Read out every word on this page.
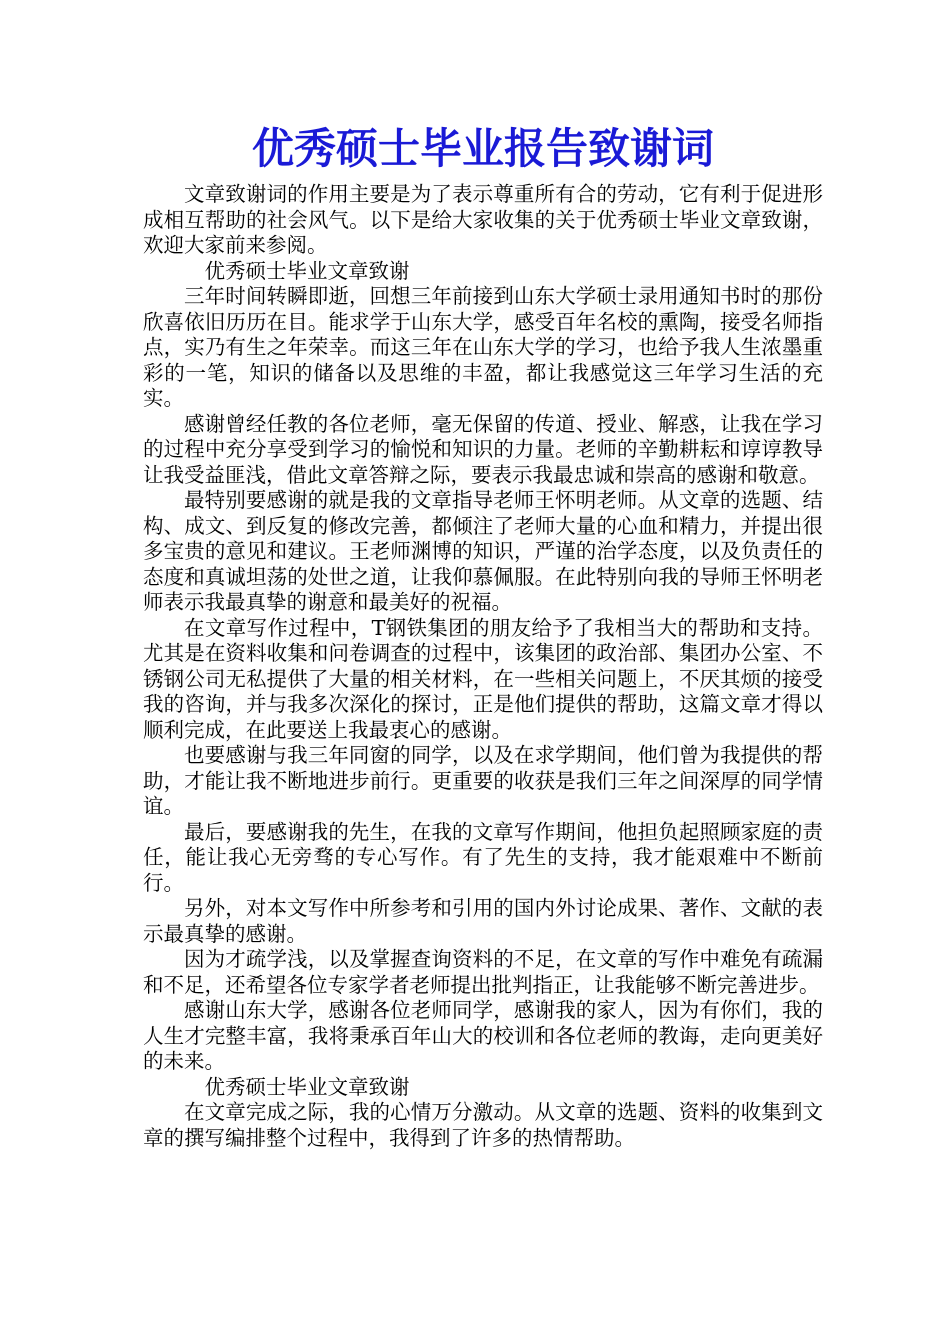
优秀硕士毕业报告致谢词

文章致谢词的作用主要是为了表示尊重所有合的劳动，它有利于促进形成相互帮助的社会风气。以下是给大家收集的关于优秀硕士毕业文章致谢，欢迎大家前来参阅。

优秀硕士毕业文章致谢

三年时间转瞬即逝，回想三年前接到山东大学硕士录用通知书时的那份欣喜依旧历历在目。能求学于山东大学，感受百年名校的熏陶，接受名师指点，实乃有生之年荣幸。而这三年在山东大学的学习，也给予我人生浓墨重彩的一笔，知识的储备以及思维的丰盈，都让我感觉这三年学习生活的充实。

感谢曾经任教的各位老师，毫无保留的传道、授业、解惑，让我在学习的过程中充分享受到学习的愉悦和知识的力量。老师的辛勤耕耘和谆谆教导让我受益匪浅，借此文章答辩之际，要表示我最忠诚和崇高的感谢和敬意。

最特别要感谢的就是我的文章指导老师王怀明老师。从文章的选题、结构、成文、到反复的修改完善，都倾注了老师大量的心血和精力，并提出很多宝贵的意见和建议。王老师渊博的知识，严谨的治学态度，以及负责任的态度和真诚坦荡的处世之道，让我仰慕佩服。在此特别向我的导师王怀明老师表示我最真挚的谢意和最美好的祝福。

在文章写作过程中，T钢铁集团的朋友给予了我相当大的帮助和支持。尤其是在资料收集和问卷调查的过程中，该集团的政治部、集团办公室、不锈钢公司无私提供了大量的相关材料，在一些相关问题上，不厌其烦的接受我的咨询，并与我多次深化的探讨，正是他们提供的帮助，这篇文章才得以顺利完成，在此要送上我最衷心的感谢。

也要感谢与我三年同窗的同学，以及在求学期间，他们曾为我提供的帮助，才能让我不断地进步前行。更重要的收获是我们三年之间深厚的同学情谊。

最后，要感谢我的先生，在我的文章写作期间，他担负起照顾家庭的责任，能让我心无旁骛的专心写作。有了先生的支持，我才能艰难中不断前行。

另外，对本文写作中所参考和引用的国内外讨论成果、著作、文献的表示最真挚的感谢。

因为才疏学浅，以及掌握查询资料的不足，在文章的写作中难免有疏漏和不足，还希望各位专家学者老师提出批判指正，让我能够不断完善进步。

感谢山东大学，感谢各位老师同学，感谢我的家人，因为有你们，我的人生才完整丰富，我将秉承百年山大的校训和各位老师的教诲，走向更美好的未来。

优秀硕士毕业文章致谢

在文章完成之际，我的心情万分激动。从文章的选题、资料的收集到文章的撰写编排整个过程中，我得到了许多的热情帮助。
